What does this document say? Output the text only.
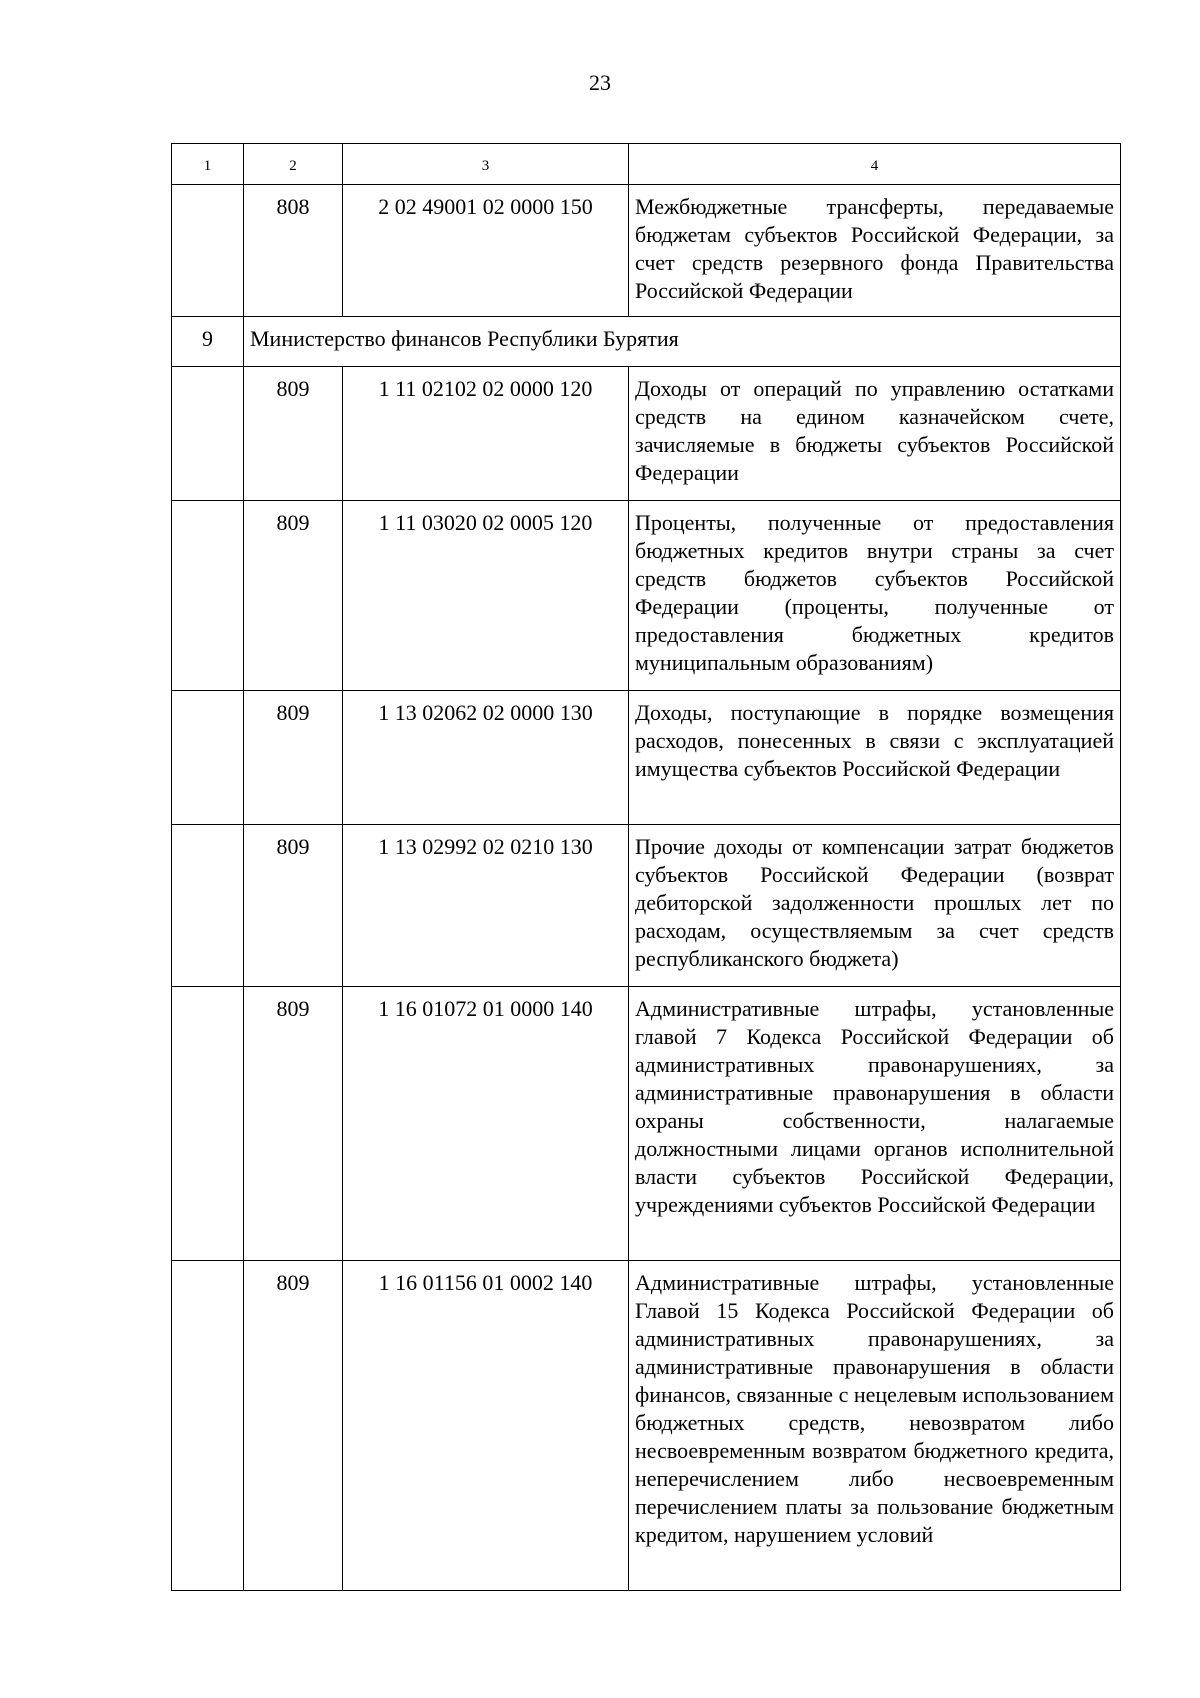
23
1	2	3	4
	808	2 02 49001 02 0000 150	Межбюджетные трансферты, передаваемые бюджетам субъектов Российской Федерации, за счет средств резервного фонда Правительства Российской Федерации
9	Министерство финансов Республики Бурятия		
	809	1 11 02102 02 0000 120	Доходы от операций по управлению остатками средств на едином казначейском счете, зачисляемые в бюджеты субъектов Российской Федерации
	809	1 11 03020 02 0005 120	Проценты, полученные от предоставления бюджетных кредитов внутри страны за счет средств бюджетов субъектов Российской Федерации (проценты, полученные от предоставления бюджетных кредитов муниципальным образованиям)
	809	1 13 02062 02 0000 130	Доходы, поступающие в порядке возмещения расходов, понесенных в связи с эксплуатацией имущества субъектов Российской Федерации
	809	1 13 02992 02 0210 130	Прочие доходы от компенсации затрат бюджетов субъектов Российской Федерации (возврат дебиторской задолженности прошлых лет по расходам, осуществляемым за счет средств республиканского бюджета)
	809	1 16 01072 01 0000 140	Административные штрафы, установленные главой 7 Кодекса Российской Федерации об административных правонарушениях, за административные правонарушения в области охраны собственности, налагаемые должностными лицами органов исполнительной власти субъектов Российской Федерации, учреждениями субъектов Российской Федерации
	809	1 16 01156 01 0002 140	Административные штрафы, установленные Главой 15 Кодекса Российской Федерации об административных правонарушениях, за административные правонарушения в области финансов, связанные с нецелевым использованием бюджетных средств, невозвратом либо несвоевременным возвратом бюджетного кредита, неперечислением либо несвоевременным перечислением платы за пользование бюджетным кредитом, нарушением условий
